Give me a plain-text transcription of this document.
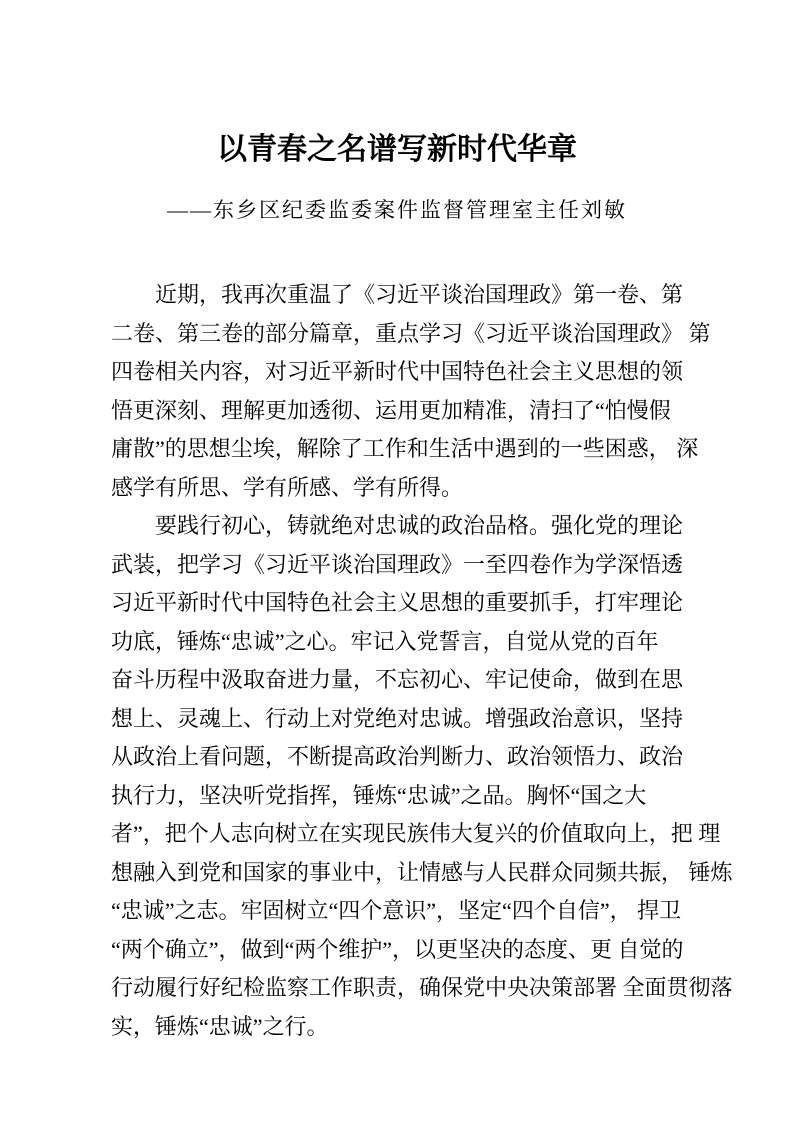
以青春之名谱写新时代华章
——东乡区纪委监委案件监督管理室主任刘敏
近期，我再次重温了《习近平谈治国理政》第一卷、第
二卷、第三卷的部分篇章，重点学习《习近平谈治国理政》 第
四卷相关内容，对习近平新时代中国特色社会主义思想的领
悟更深刻、理解更加透彻、运用更加精准，清扫了“怕慢假
庸散”的思想尘埃，解除了工作和生活中遇到的一些困惑， 深
感学有所思、学有所感、学有所得。
要践行初心，铸就绝对忠诚的政治品格。强化党的理论
武装，把学习《习近平谈治国理政》一至四卷作为学深悟透
习近平新时代中国特色社会主义思想的重要抓手，打牢理论
功底，锤炼“忠诚”之心。牢记入党誓言，自觉从党的百年
奋斗历程中汲取奋进力量，不忘初心、牢记使命，做到在思
想上、灵魂上、行动上对党绝对忠诚。增强政治意识，坚持
从政治上看问题，不断提高政治判断力、政治领悟力、政治
执行力，坚决听党指挥，锤炼“忠诚”之品。胸怀“国之大
者”，把个人志向树立在实现民族伟大复兴的价值取向上，把 理
想融入到党和国家的事业中，让情感与人民群众同频共振， 锤炼
“忠诚”之志。牢固树立“四个意识”，坚定“四个自信”， 捍卫
“两个确立”，做到“两个维护”，以更坚决的态度、更 自觉的
行动履行好纪检监察工作职责，确保党中央决策部署 全面贯彻落
实，锤炼“忠诚”之行。
